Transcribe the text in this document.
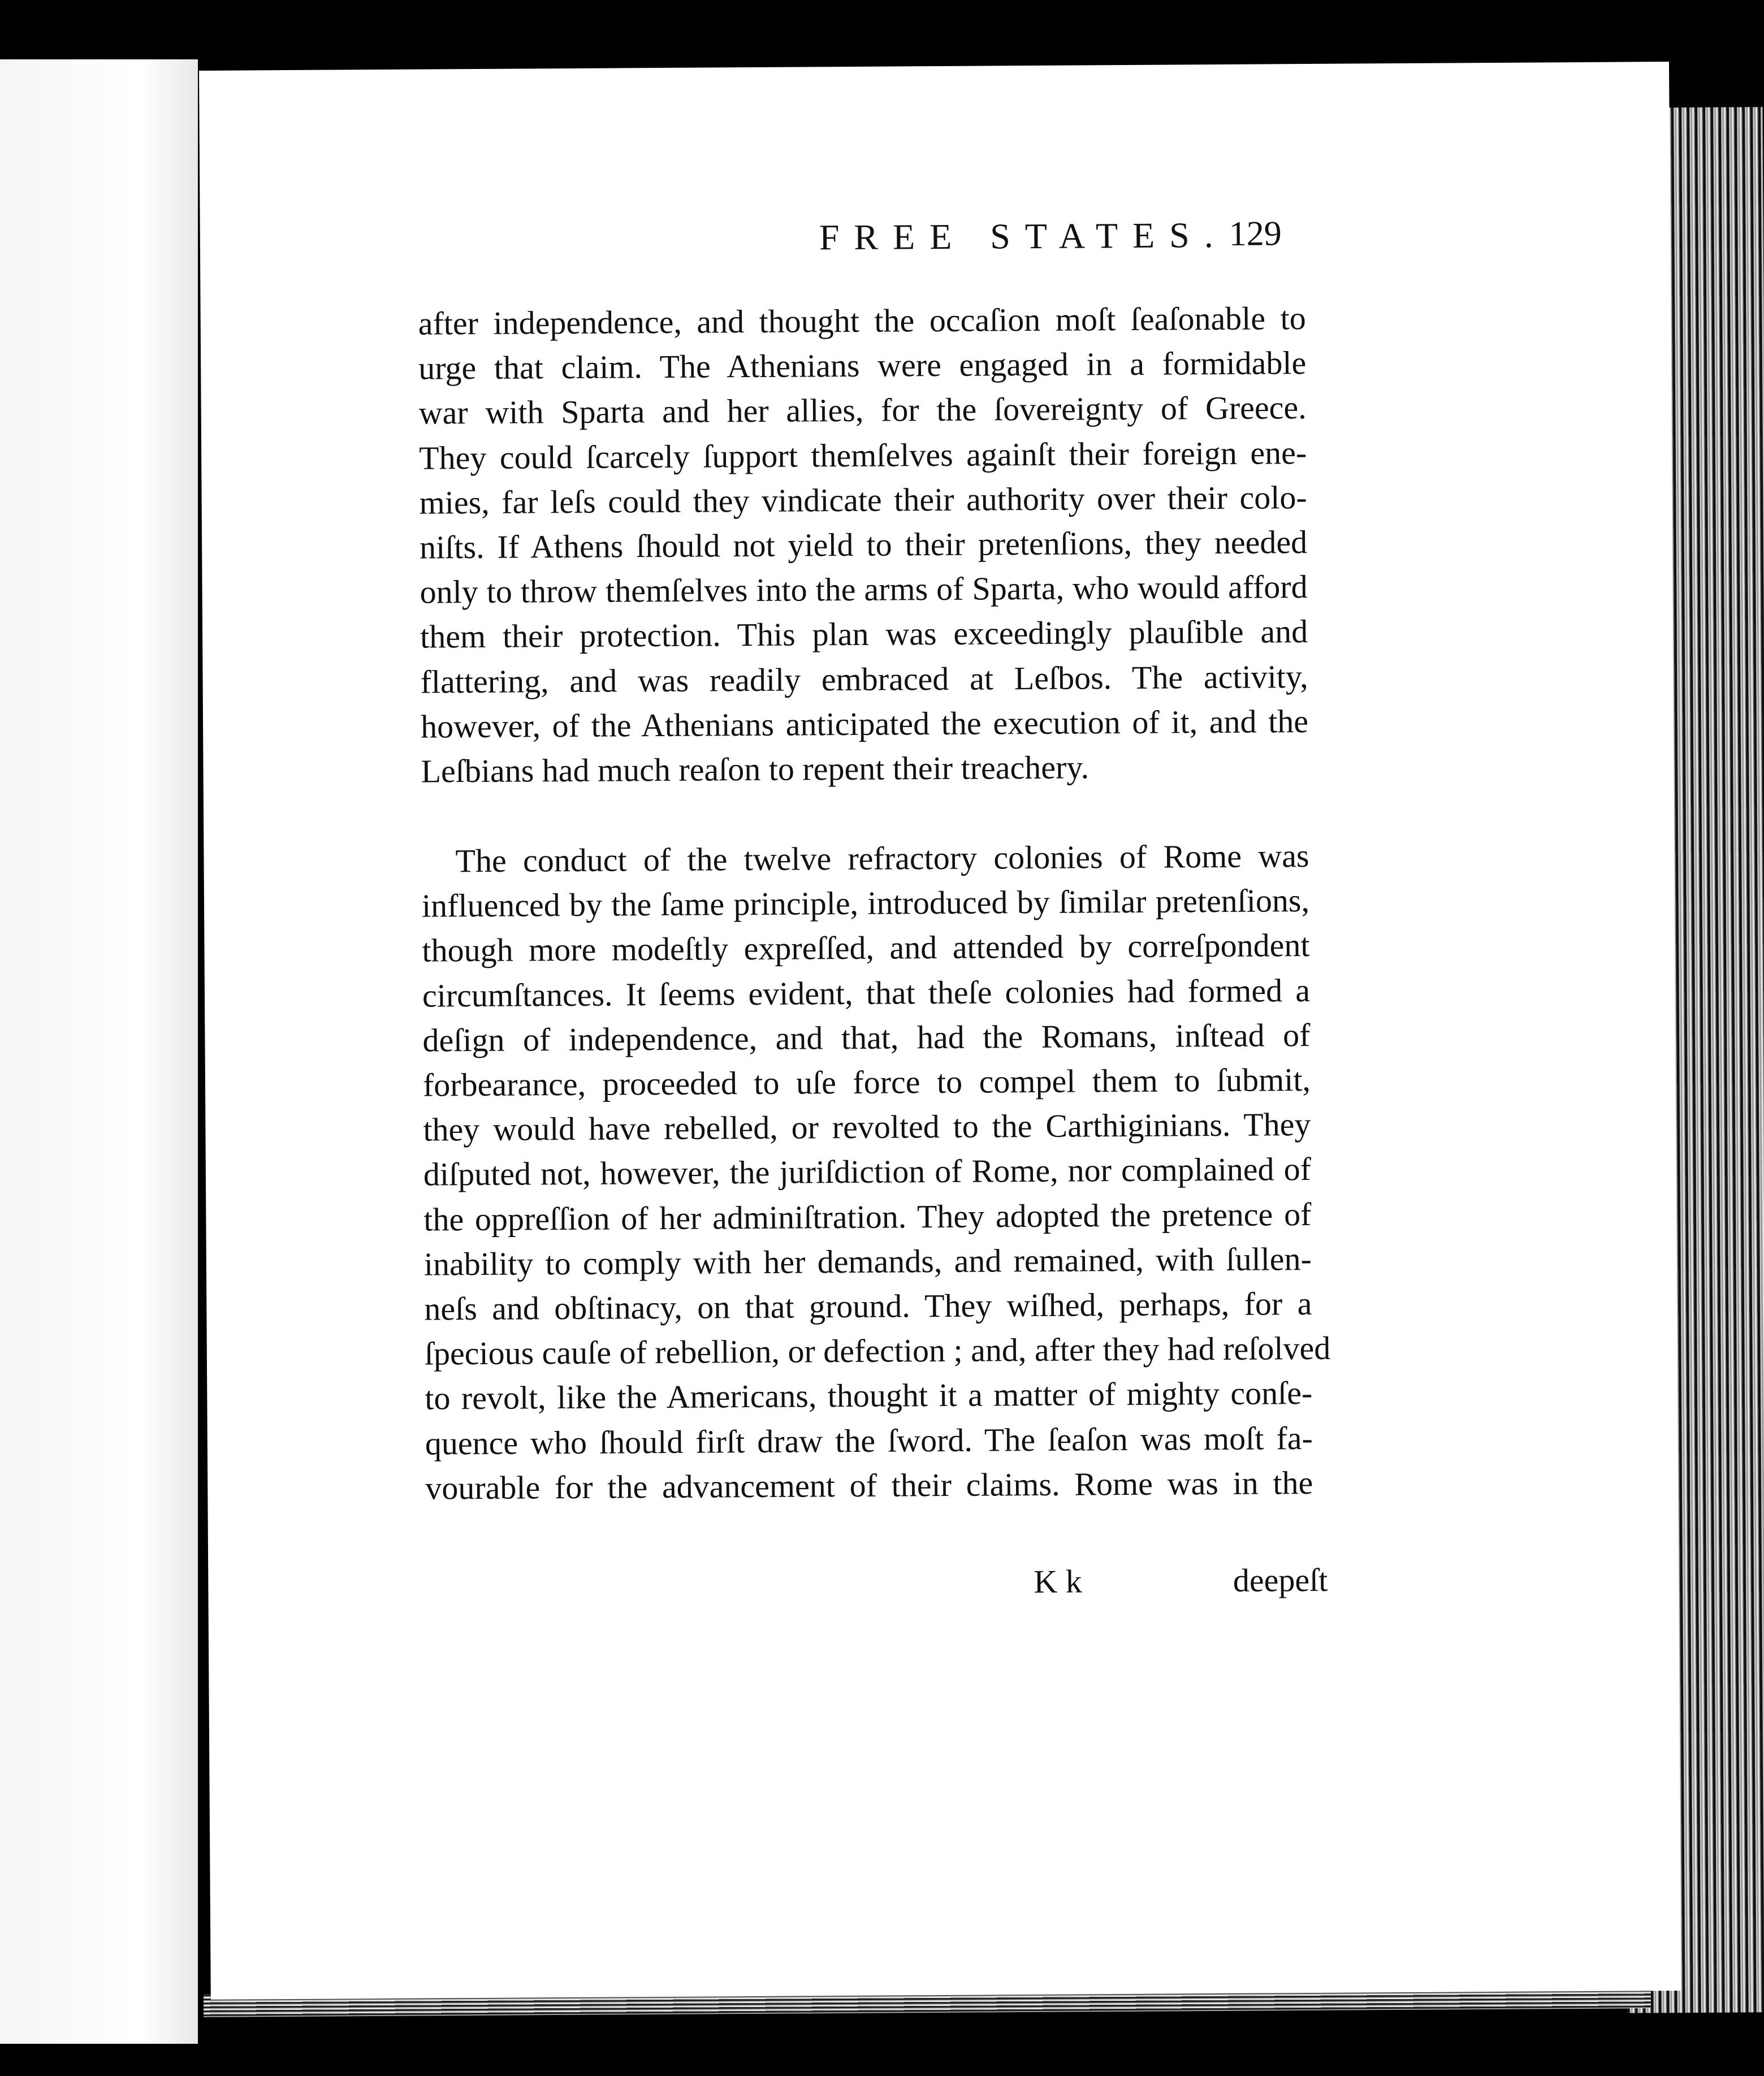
FREE STATES. 129
after independence, and thought the occaſion moſt ſeaſonable to
urge that claim. The Athenians were engaged in a formidable
war with Sparta and her allies, for the ſovereignty of Greece.
They could ſcarcely ſupport themſelves againſt their foreign ene-
mies, far leſs could they vindicate their authority over their colo-
niſts. If Athens ſhould not yield to their pretenſions, they needed
only to throw themſelves into the arms of Sparta, who would afford
them their protection. This plan was exceedingly plauſible and
flattering, and was readily embraced at Leſbos. The activity,
however, of the Athenians anticipated the execution of it, and the
Leſbians had much reaſon to repent their treachery.
The conduct of the twelve refractory colonies of Rome was
influenced by the ſame principle, introduced by ſimilar pretenſions,
though more modeſtly expreſſed, and attended by correſpondent
circumſtances. It ſeems evident, that theſe colonies had formed a
deſign of independence, and that, had the Romans, inſtead of
forbearance, proceeded to uſe force to compel them to ſubmit,
they would have rebelled, or revolted to the Carthiginians. They
diſputed not, however, the juriſdiction of Rome, nor complained of
the oppreſſion of her adminiſtration. They adopted the pretence of
inability to comply with her demands, and remained, with ſullen-
neſs and obſtinacy, on that ground. They wiſhed, perhaps, for a
ſpecious cauſe of rebellion, or defection ; and, after they had reſolved
to revolt, like the Americans, thought it a matter of mighty conſe-
quence who ſhould firſt draw the ſword. The ſeaſon was moſt fa-
vourable for the advancement of their claims. Rome was in the
K k	deepeſt
